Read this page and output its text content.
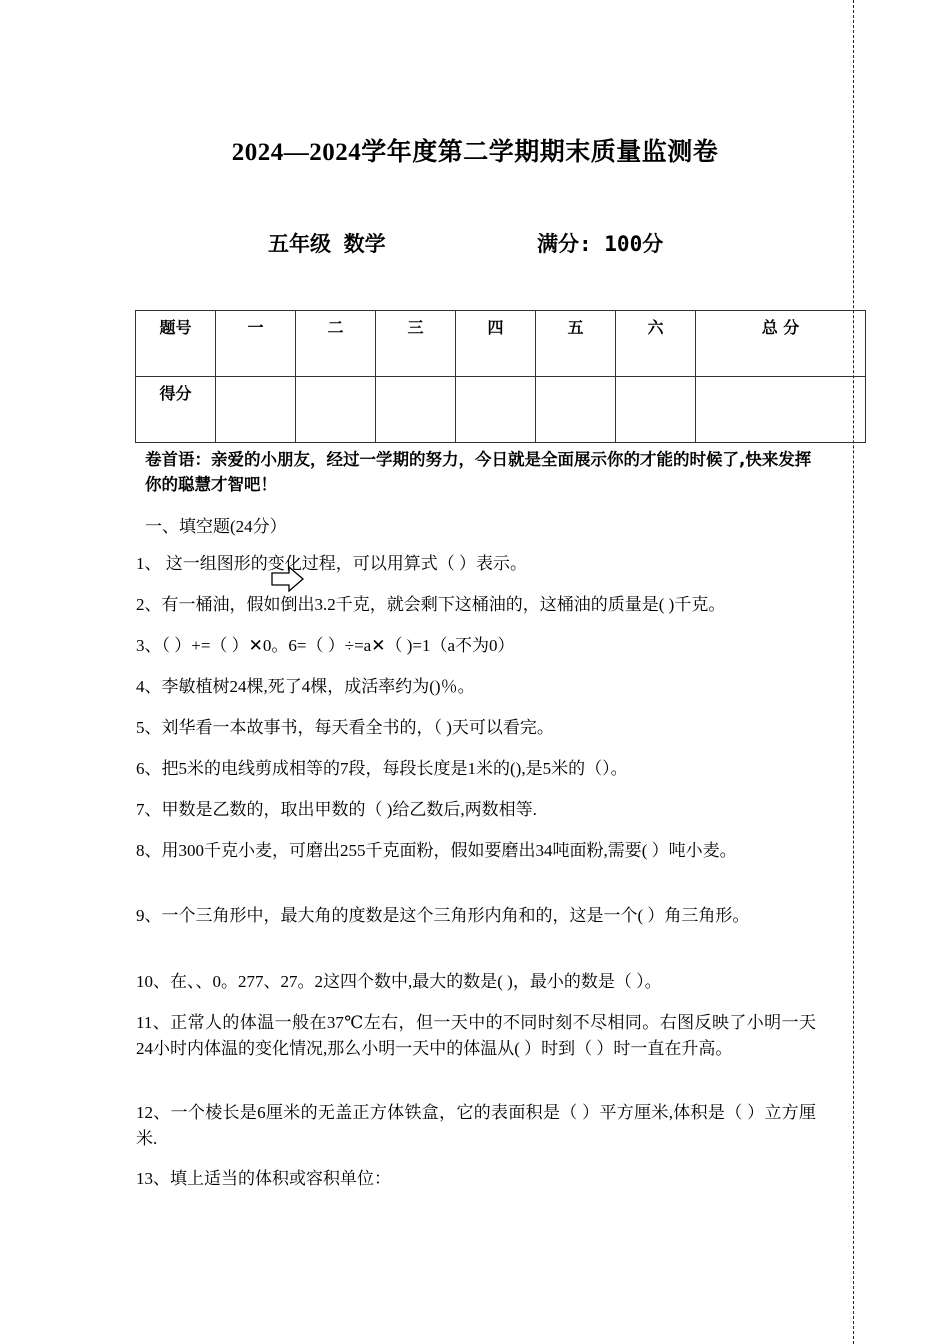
2024—2024学年度第二学期期末质量监测卷
五年级 数学	满分: 100分
题号	一	二	三	四	五	六	总 分
得分							
卷首语：亲爱的小朋友，经过一学期的努力，今日就是全面展示你的才能的时候了,快来发挥你的聪慧才智吧！
一、填空题(24分）
1、 这一组图形的变化过程，可以用算式（ ）表示。
2、有一桶油，假如倒出3.2千克，就会剩下这桶油的，这桶油的质量是( )千克。
3、（ ）+=（ ）✕0。6=（ ）÷=a✕（ )=1（a不为0）
4、李敏植树24棵,死了4棵，成活率约为()％。
5、刘华看一本故事书，每天看全书的，（ )天可以看完。
6、把5米的电线剪成相等的7段，每段长度是1米的(),是5米的（）。
7、甲数是乙数的，取出甲数的（ )给乙数后,两数相等.
8、用300千克小麦，可磨出255千克面粉，假如要磨出34吨面粉,需要( ）吨小麦。
9、一个三角形中，最大角的度数是这个三角形内角和的，这是一个( ）角三角形。
10、在、、0。277、27。2这四个数中,最大的数是( )，最小的数是（ ）。
11、正常人的体温一般在37℃左右，但一天中的不同时刻不尽相同。右图反映了小明一天24小时内体温的变化情况,那么小明一天中的体温从( ）时到（ ）时一直在升高。
12、一个棱长是6厘米的无盖正方体铁盒，它的表面积是（ ）平方厘米,体积是（ ）立方厘米.
13、填上适当的体积或容积单位：
